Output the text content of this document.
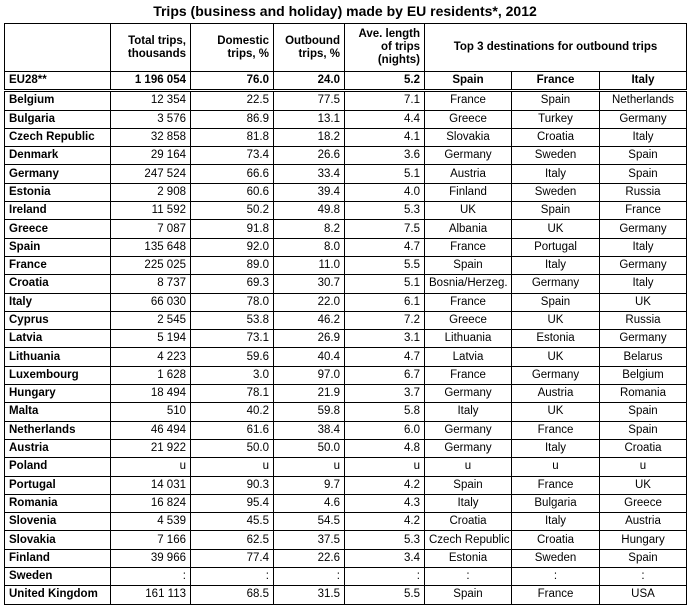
Trips (business and holiday) made by EU residents*, 2012
	Total trips, thousands	Domestic trips, %	Outbound trips, %	Ave. length of trips (nights)	Top 3 destinations for outbound trips		
EU28**	1 196 054	76.0	24.0	5.2	Spain	France	Italy
Belgium	12 354	22.5	77.5	7.1	France	Spain	Netherlands
Bulgaria	3 576	86.9	13.1	4.4	Greece	Turkey	Germany
Czech Republic	32 858	81.8	18.2	4.1	Slovakia	Croatia	Italy
Denmark	29 164	73.4	26.6	3.6	Germany	Sweden	Spain
Germany	247 524	66.6	33.4	5.1	Austria	Italy	Spain
Estonia	2 908	60.6	39.4	4.0	Finland	Sweden	Russia
Ireland	11 592	50.2	49.8	5.3	UK	Spain	France
Greece	7 087	91.8	8.2	7.5	Albania	UK	Germany
Spain	135 648	92.0	8.0	4.7	France	Portugal	Italy
France	225 025	89.0	11.0	5.5	Spain	Italy	Germany
Croatia	8 737	69.3	30.7	5.1	Bosnia/Herzeg.	Germany	Italy
Italy	66 030	78.0	22.0	6.1	France	Spain	UK
Cyprus	2 545	53.8	46.2	7.2	Greece	UK	Russia
Latvia	5 194	73.1	26.9	3.1	Lithuania	Estonia	Germany
Lithuania	4 223	59.6	40.4	4.7	Latvia	UK	Belarus
Luxembourg	1 628	3.0	97.0	6.7	France	Germany	Belgium
Hungary	18 494	78.1	21.9	3.7	Germany	Austria	Romania
Malta	510	40.2	59.8	5.8	Italy	UK	Spain
Netherlands	46 494	61.6	38.4	6.0	Germany	France	Spain
Austria	21 922	50.0	50.0	4.8	Germany	Italy	Croatia
Poland	u	u	u	u	u	u	u
Portugal	14 031	90.3	9.7	4.2	Spain	France	UK
Romania	16 824	95.4	4.6	4.3	Italy	Bulgaria	Greece
Slovenia	4 539	45.5	54.5	4.2	Croatia	Italy	Austria
Slovakia	7 166	62.5	37.5	5.3	Czech Republic	Croatia	Hungary
Finland	39 966	77.4	22.6	3.4	Estonia	Sweden	Spain
Sweden	:	:	:	:	:	:	:
United Kingdom	161 113	68.5	31.5	5.5	Spain	France	USA
